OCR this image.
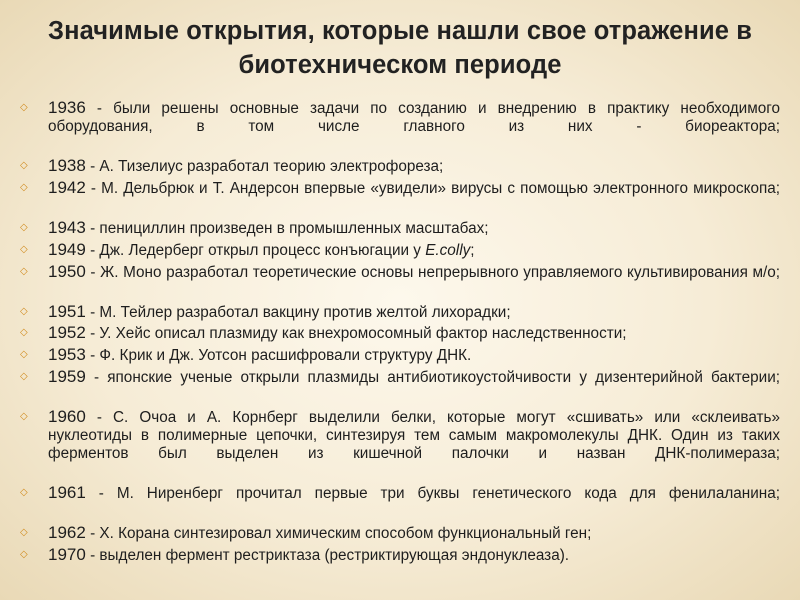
Значимые открытия, которые нашли свое отражение в биотехническом периоде
◇ 1936 - были решены основные задачи по созданию и внедрению в практику необходимого оборудования, в том числе главного из них - биореактора;
◇ 1938 - А. Тизелиус разработал теорию электрофореза;
◇ 1942 - М. Дельбрюк и Т. Андерсон впервые «увидели» вирусы с помощью электронного микроскопа;
◇ 1943 - пенициллин произведен в промышленных масштабах;
◇ 1949 - Дж. Ледерберг открыл процесс конъюгации у E.colly;
◇ 1950 - Ж. Моно разработал теоретические основы непрерывного управляемого культивирования м/о;
◇ 1951 - М. Тейлер разработал вакцину против желтой лихорадки;
◇ 1952 - У. Хейс описал плазмиду как внехромосомный фактор наследственности;
◇ 1953 - Ф. Крик и Дж. Уотсон расшифровали структуру ДНК.
◇ 1959 - японские ученые открыли плазмиды антибиотикоустойчивости у дизентерийной бактерии;
◇ 1960 - С. Очоа и А. Корнберг выделили белки, которые могут «сшивать» или «склеивать» нуклеотиды в полимерные цепочки, синтезируя тем самым макромолекулы ДНК. Один из таких ферментов был выделен из кишечной палочки и назван ДНК-полимераза;
◇ 1961 - М. Ниренберг прочитал первые три буквы генетического кода для фенилаланина;
◇ 1962 - Х. Корана синтезировал химическим способом функциональный ген;
◇ 1970 - выделен фермент рестриктаза (рестриктирующая эндонуклеаза).
